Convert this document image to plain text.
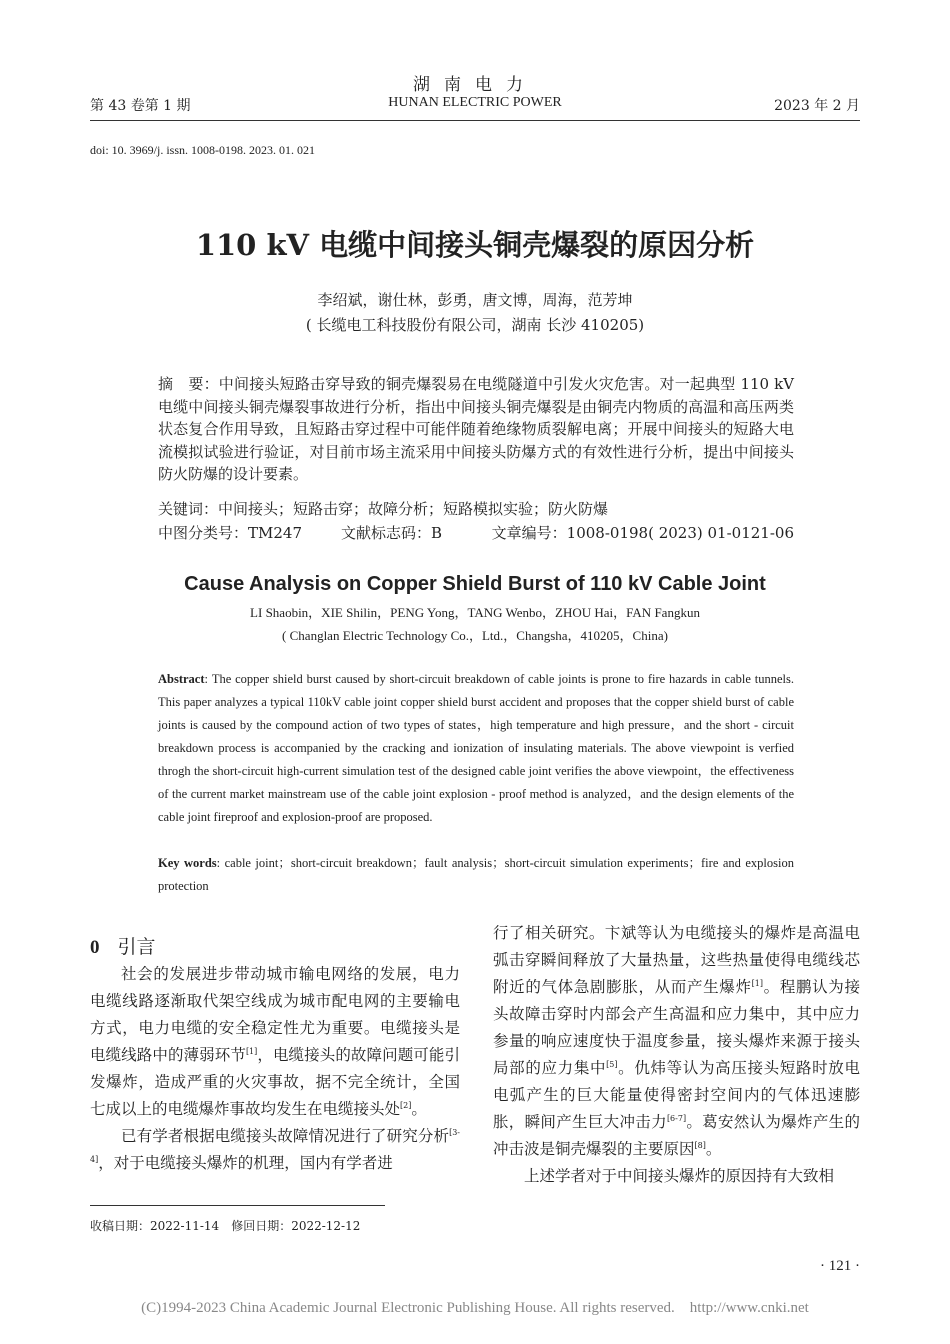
湖南电力
第 43 卷第 1 期	HUNAN ELECTRIC POWER	2023 年 2 月
doi: 10. 3969/j. issn. 1008-0198. 2023. 01. 021
110 kV 电缆中间接头铜壳爆裂的原因分析
李绍斌，谢仕林，彭勇，唐文博，周海，范芳坤
( 长缆电工科技股份有限公司，湖南 长沙 410205)
摘　要：中间接头短路击穿导致的铜壳爆裂易在电缆隧道中引发火灾危害。对一起典型 110 kV 电缆中间接头铜壳爆裂事故进行分析，指出中间接头铜壳爆裂是由铜壳内物质的高温和高压两类状态复合作用导致，且短路击穿过程中可能伴随着绝缘物质裂解电离；开展中间接头的短路大电流模拟试验进行验证，对目前市场主流采用中间接头防爆方式的有效性进行分析，提出中间接头防火防爆的设计要素。
关键词：中间接头；短路击穿；故障分析；短路模拟实验；防火防爆
中图分类号：TM247	文献标志码：B	文章编号：1008-0198( 2023) 01-0121-06
Cause Analysis on Copper Shield Burst of 110 kV Cable Joint
LI Shaobin，XIE Shilin，PENG Yong，TANG Wenbo，ZHOU Hai，FAN Fangkun
( Changlan Electric Technology Co.，Ltd.，Changsha，410205，China)
Abstract: The copper shield burst caused by short-circuit breakdown of cable joints is prone to fire hazards in cable tunnels. This paper analyzes a typical 110kV cable joint copper shield burst accident and proposes that the copper shield burst of cable joints is caused by the compound action of two types of states，high temperature and high pressure，and the short - circuit breakdown process is accompanied by the cracking and ionization of insulating materials. The above viewpoint is verfied throgh the short-circuit high-current simulation test of the designed cable joint verifies the above viewpoint，the effectiveness of the current market mainstream use of the cable joint explosion - proof method is analyzed，and the design elements of the cable joint fireproof and explosion-proof are proposed.
Key words: cable joint；short-circuit breakdown；fault analysis；short-circuit simulation experiments；fire and explosion protection
0 引言

社会的发展进步带动城市输电网络的发展，电力电缆线路逐渐取代架空线成为城市配电网的主要输电方式，电力电缆的安全稳定性尤为重要。电缆接头是电缆线路中的薄弱环节[1]，电缆接头的故障问题可能引发爆炸，造成严重的火灾事故，据不完全统计，全国七成以上的电缆爆炸事故均发生在电缆接头处[2]。

已有学者根据电缆接头故障情况进行了研究分析[3-4]，对于电缆接头爆炸的机理，国内有学者进

行了相关研究。卞斌等认为电缆接头的爆炸是高温电弧击穿瞬间释放了大量热量，这些热量使得电缆线芯附近的气体急剧膨胀，从而产生爆炸[1]。程鹏认为接头故障击穿时内部会产生高温和应力集中，其中应力参量的响应速度快于温度参量，接头爆炸来源于接头局部的应力集中[5]。仇炜等认为高压接头短路时放电电弧产生的巨大能量使得密封空间内的气体迅速膨胀，瞬间产生巨大冲击力[6-7]。葛安然认为爆炸产生的冲击波是铜壳爆裂的主要原因[8]。

上述学者对于中间接头爆炸的原因持有大致相

收稿日期：2022-11-14　修回日期：2022-12-12
· 121 ·
(C)1994-2023 China Academic Journal Electronic Publishing House. All rights reserved.　http://www.cnki.net
